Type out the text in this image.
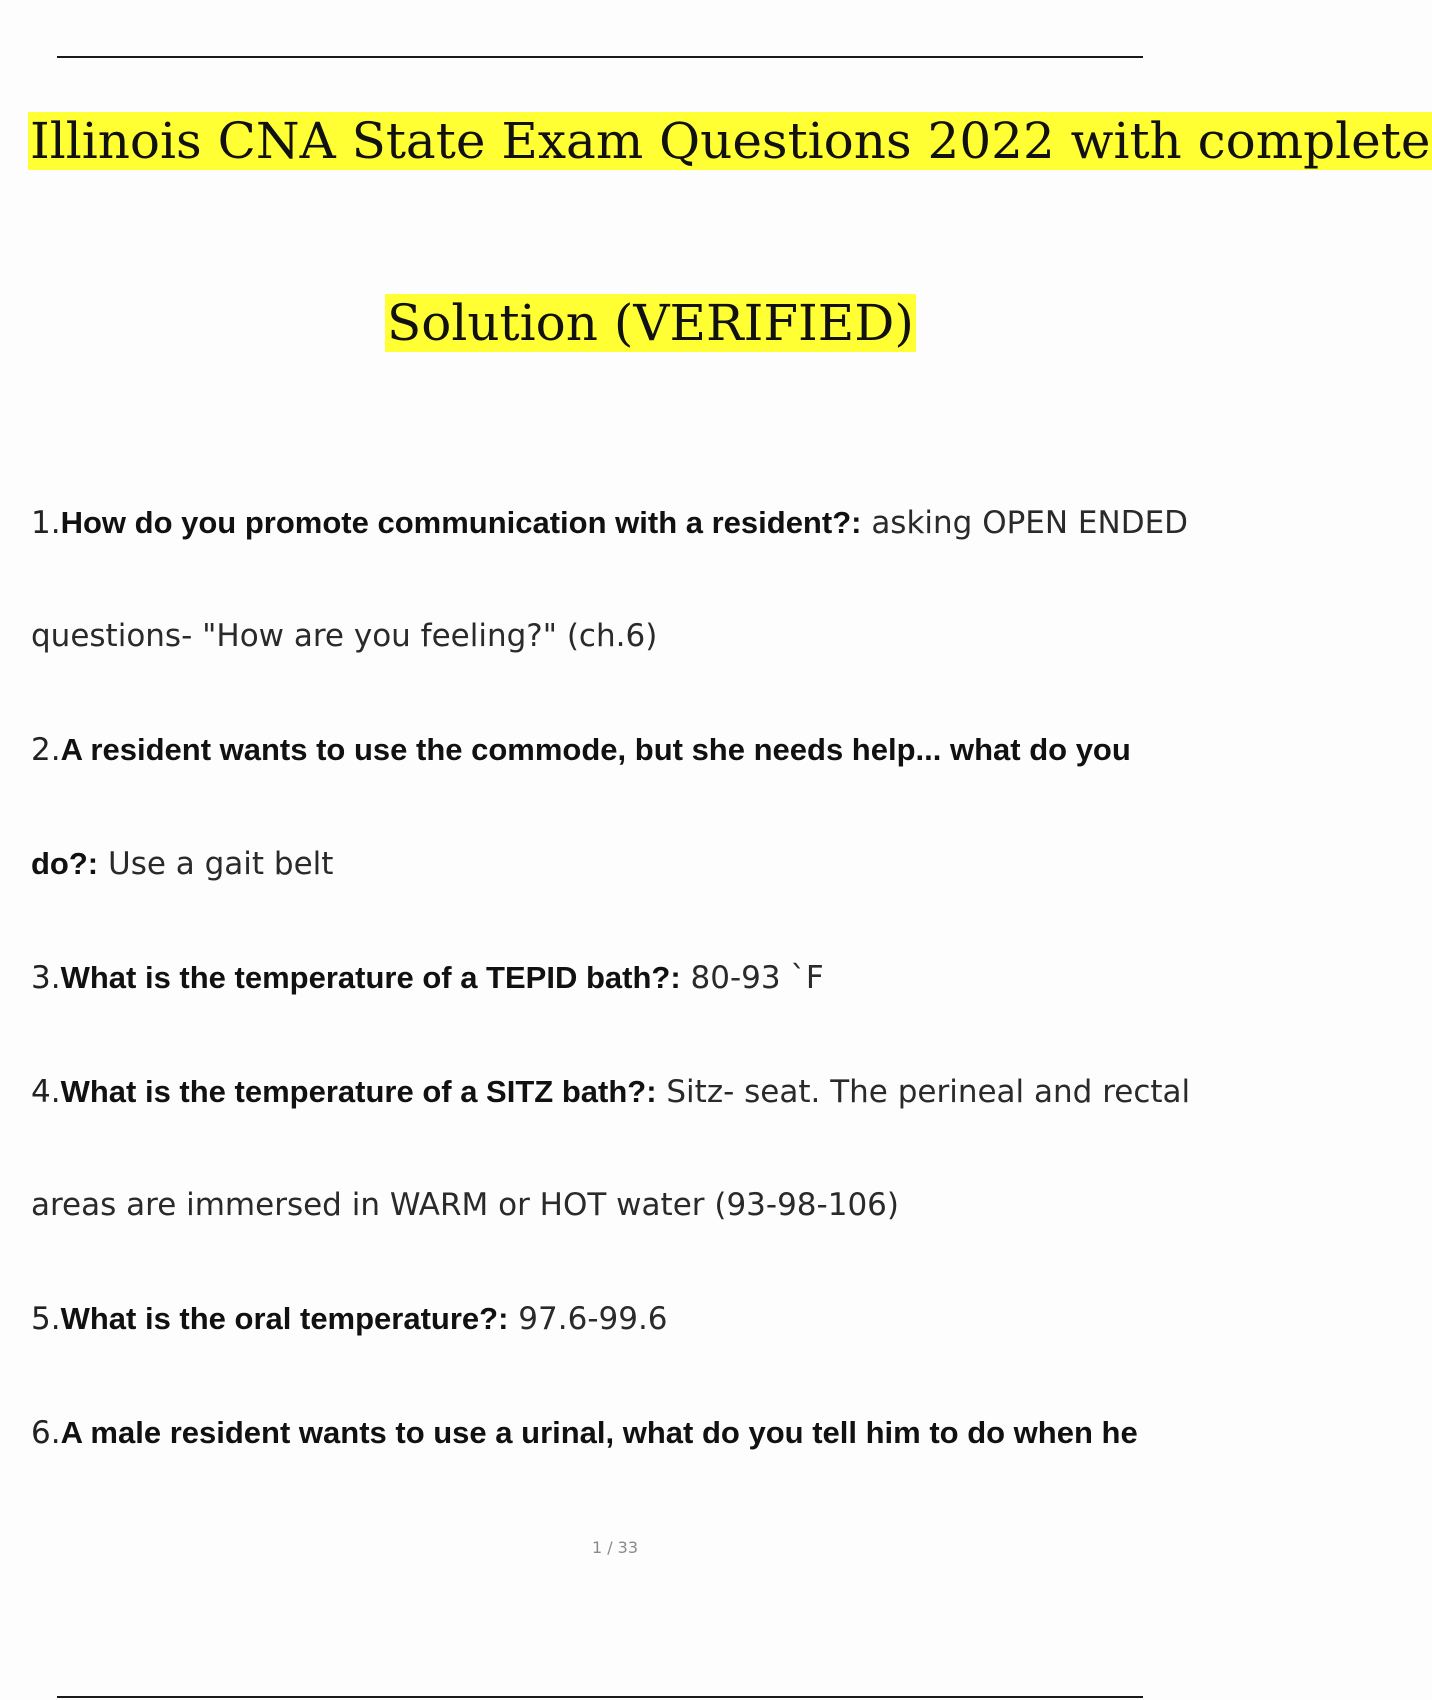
Illinois CNA State Exam Questions 2022 with complete
Solution (VERIFIED)
1.How do you promote communication with a resident?: asking OPEN ENDED questions- "How are you feeling?" (ch.6)
2.A resident wants to use the commode, but she needs help... what do you do?: Use a gait belt
3.What is the temperature of a TEPID bath?: 80-93 `F
4.What is the temperature of a SITZ bath?: Sitz- seat. The perineal and rectal areas are immersed in WARM or HOT water (93-98-106)
5.What is the oral temperature?: 97.6-99.6
6.A male resident wants to use a urinal, what do you tell him to do when he
1 / 33
